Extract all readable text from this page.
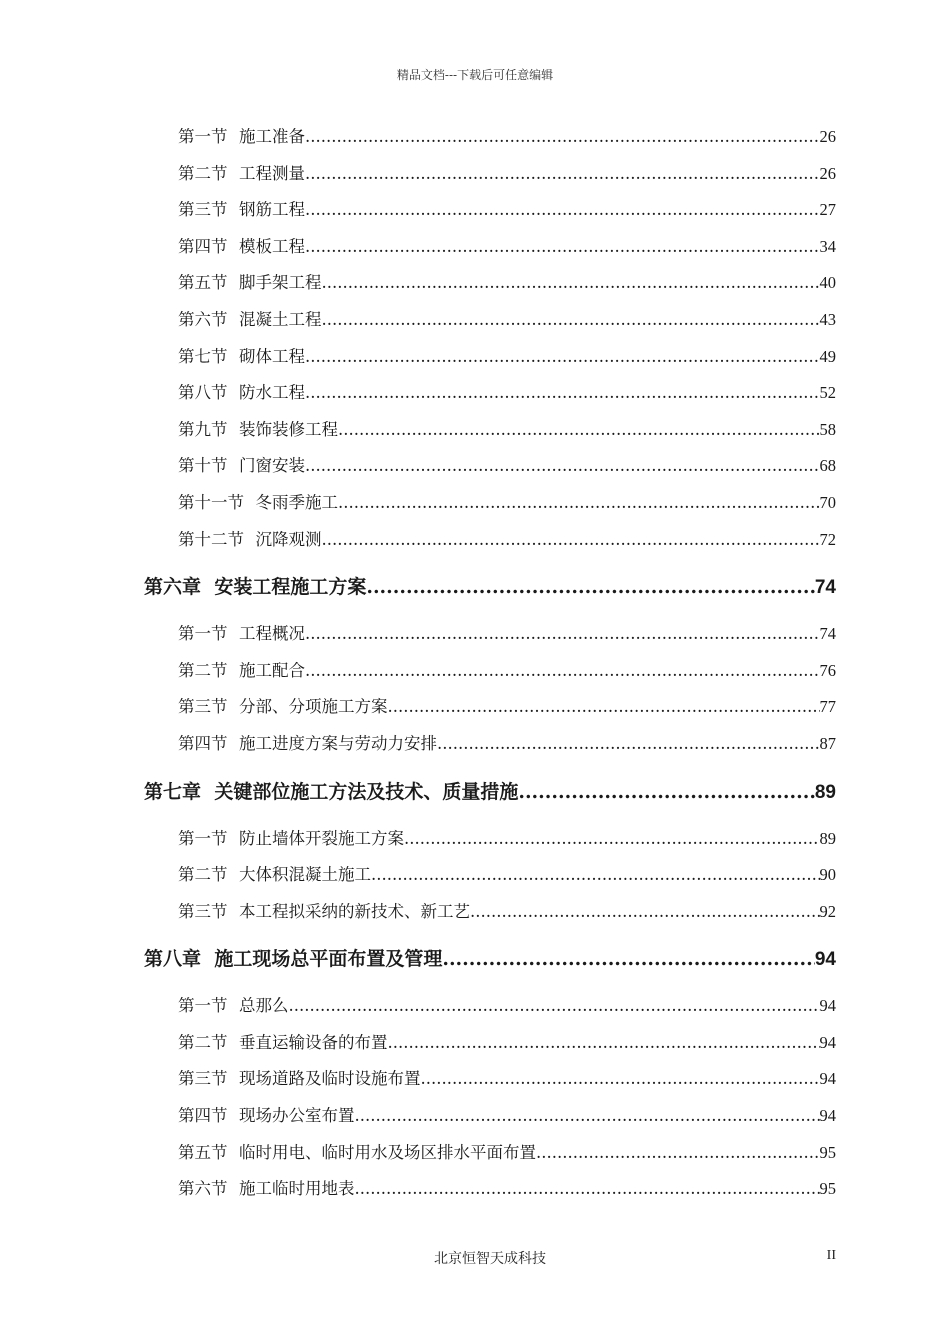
精品文档---下载后可任意编辑
第一节 施工准备 .....	26
第二节 工程测量 .....	26
第三节 钢筋工程 .....	27
第四节 模板工程 .....	34
第五节 脚手架工程 .....	40
第六节 混凝土工程 .....	43
第七节 砌体工程 .....	49
第八节 防水工程 .....	52
第九节 装饰装修工程 .....	58
第十节 门窗安装 .....	68
第十一节 冬雨季施工 .....	70
第十二节 沉降观测 .....	72
第六章 安装工程施工方案 .....	74
第一节 工程概况 .....	74
第二节 施工配合 .....	76
第三节 分部、分项施工方案 .....	77
第四节 施工进度方案与劳动力安排 .....	87
第七章 关键部位施工方法及技术、质量措施 .....	89
第一节 防止墙体开裂施工方案 .....	89
第二节 大体积混凝土施工 .....	90
第三节 本工程拟采纳的新技术、新工艺 .....	92
第八章 施工现场总平面布置及管理 .....	94
第一节 总那么 .....	94
第二节 垂直运输设备的布置 .....	94
第三节 现场道路及临时设施布置 .....	94
第四节 现场办公室布置 .....	94
第五节 临时用电、临时用水及场区排水平面布置 .....	95
第六节 施工临时用地表 .....	95
北京恒智天成科技	II
